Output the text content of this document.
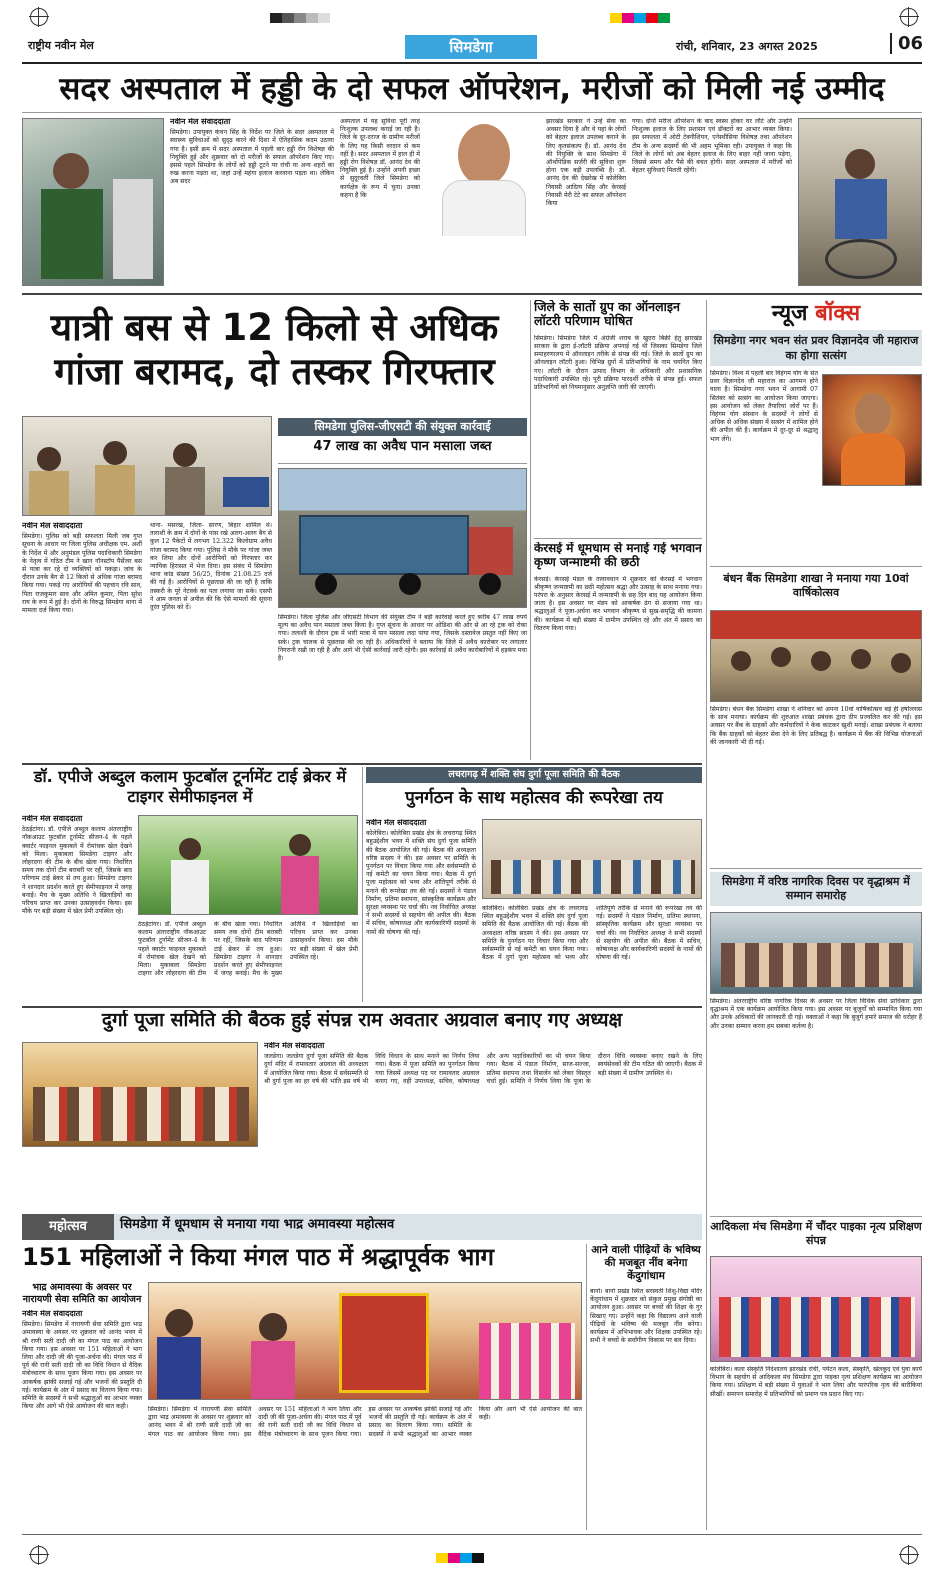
राष्ट्रीय नवीन मेल	सिमडेगा	रांची, शनिवार, 23 अगस्त 2025	06
सदर अस्पताल में हड्डी के दो सफल ऑपरेशन, मरीजों को मिली नई उम्मीद
नवीन मेल संवाददाता
सिमडेगा। उपायुक्त कंचन सिंह के निर्देश पर जिले के सदर अस्पताल में स्वास्थ्य सुविधाओं को सुदृढ़ करने की दिशा में ऐतिहासिक कदम उठाया गया है। इसी क्रम में सदर अस्पताल में पहली बार हड्डी रोग विशेषज्ञ की नियुक्ति हुई और शुक्रवार को दो मरीजों के सफल ऑपरेशन किए गए। इससे पहले सिमडेगा के लोगों को हड्डी टूटने पर रांची या अन्य शहरों का रुख करना पड़ता था, जहां उन्हें महंगा इलाज करवाना पड़ता था। लेकिन अब सदर
अस्पताल में यह सुविधा पूरी तरह निःशुल्क उपलब्ध कराई जा रही है। जिले के दूर-दराज के ग्रामीण मरीजों के लिए यह किसी वरदान से कम नहीं है। सदर अस्पताल में हाल ही में हड्डी रोग विशेषज्ञ डॉ. आनंद देव की नियुक्ति हुई है। उन्होंने अपनी इच्छा से सुदूरवर्ती जिले सिमडेगा को कार्यक्षेत्र के रूप में चुना। उनका कहना है कि
झारखंड सरकार ने उन्हें सेवा का अवसर दिया है और वे यहां के लोगों को बेहतर इलाज उपलब्ध कराने के लिए कृतसंकल्प हैं। डॉ. आनंद देव की नियुक्ति के साथ सिमडेगा में ऑर्थोपेडिक सर्जरी की सुविधा शुरू होना एक बड़ी उपलब्धि है। डॉ. आनंद देव की देखरेख में कोलेबिरा निवासी आदित्य सिंह और केरसई निवासी मेरी टेटे का सफल ऑपरेशन किया
गया। दोनों मरीज ऑपरेशन के बाद स्वस्थ होकर घर लौटे और उन्होंने निःशुल्क इलाज के लिए प्रशासन एवं डॉक्टरों का आभार व्यक्त किया। इस सफलता में ओटी टेक्नीशियन, एनेस्थीसिया विशेषज्ञ तथा ऑपरेशन टीम के अन्य सदस्यों की भी अहम भूमिका रही। उपायुक्त ने कहा कि जिले के लोगों को अब बेहतर इलाज के लिए बाहर नहीं जाना पड़ेगा, जिससे समय और पैसे की बचत होगी। सदर अस्पताल में मरीजों को बेहतर सुविधाएं मिलती रहेंगी।
यात्री बस से 12 किलो से अधिक गांजा बरामद, दो तस्कर गिरफ्तार
नवीन मेल संवाददाता
सिमडेगा। पुलिस को बड़ी सफलता मिली जब गुप्त सूचना के आधार पर जिला पुलिस अधीक्षक एम. अर्शी के निर्देश में और अनुमंडल पुलिस पदाधिकारी सिमडेगा के नेतृत्व में गठित टीम ने खान नॉनस्टॉप पैसेंजर बस से यात्रा कर रहे दो व्यक्तियों को पकड़ा। जांच के दौरान उनके बैग से 12 किलो से अधिक गांजा बरामद किया गया। पकड़े गए आरोपियों की पहचान रवि साव, पिता राजकुमार साव और अमित कुमार, पिता सुरेश राय के रूप में हुई है। दोनों के विरुद्ध सिमडेगा थाना में मामला दर्ज किया गया।
थाना- मसरख, जिला- सारण, बिहार शामिल थे। तलाशी के क्रम में दोनों के पास रखे अलग-अलग बैग से कुल 12 पैकेटों में लगभग 12.322 किलोग्राम अवैध गांजा बरामद किया गया। पुलिस ने मौके पर गांजा जब्त कर लिया और दोनों आरोपियों को गिरफ्तार कर न्यायिक हिरासत में भेज दिया। इस संबंध में सिमडेगा थाना कांड संख्या 56/25, दिनांक 21.08.25 दर्ज की गई है। आरोपियों से पूछताछ की जा रही है ताकि तस्करी के पूरे नेटवर्क का पता लगाया जा सके। एसपी ने आम जनता से अपील की कि ऐसे मामलों की सूचना तुरंत पुलिस को दें।
सिमडेगा पुलिस-जीएसटी की संयुक्त कार्रवाई
47 लाख का अवैध पान मसाला जब्त
सिमडेगा। जिला पुलिस और जीएसटी विभाग की संयुक्त टीम ने बड़ी कार्रवाई करते हुए करीब 47 लाख रुपये मूल्य का अवैध पान मसाला जब्त किया है। गुप्त सूचना के आधार पर ओडिशा की ओर से आ रहे ट्रक को रोका गया। तलाशी के दौरान ट्रक में भारी मात्रा में पान मसाला लदा पाया गया, जिसके दस्तावेज प्रस्तुत नहीं किए जा सके। ट्रक चालक से पूछताछ की जा रही है। अधिकारियों ने बताया कि जिले में अवैध कारोबार पर लगातार निगरानी रखी जा रही है और आगे भी ऐसी कार्रवाई जारी रहेगी। इस कार्रवाई से अवैध कारोबारियों में हड़कंप मचा है।
जिले के सातों ग्रुप का ऑनलाइन लॉटरी परिणाम घोषित
सिमडेगा। सिमडेगा जिले में अंग्रेजी शराब के खुदरा बिक्री हेतु झारखंड सरकार के द्वारा ई-लॉटरी प्रक्रिया अपनाई गई थी जिसका सिमडेगा जिले समाहरणालय में ऑनलाइन तरीके से संपन्न की गई। जिले के सातों ग्रुप का ऑनलाइन लॉटरी हुआ। विभिन्न ग्रुपों में प्रतिभागियों के नाम चयनित किए गए। लॉटरी के दौरान उत्पाद विभाग के अधिकारी और प्रशासनिक पदाधिकारी उपस्थित रहे। पूरी प्रक्रिया पारदर्शी तरीके से संपन्न हुई। सफल प्रतिभागियों को नियमानुसार अनुज्ञप्ति जारी की जाएगी।
केरसई में धूमधाम से मनाई गई भगवान कृष्ण जन्माष्टमी की छठी
केरसई। केरसई मंडल के तत्वावधान में शुक्रवार को केरसई में भगवान श्रीकृष्ण जन्माष्टमी का छठी महोत्सव श्रद्धा और उत्साह के साथ मनाया गया। परंपरा के अनुसार केरसई में जन्माष्टमी के छह दिन बाद यह आयोजन किया जाता है। इस अवसर पर मंडप को आकर्षक ढंग से सजाया गया था। श्रद्धालुओं ने पूजा-अर्चना कर भगवान श्रीकृष्ण से सुख-समृद्धि की कामना की। कार्यक्रम में बड़ी संख्या में ग्रामीण उपस्थित रहे और अंत में प्रसाद का वितरण किया गया।
न्यूज बॉक्स
सिमडेगा नगर भवन संत प्रवर विज्ञानदेव जी महाराज का होगा सत्संग
सिमडेगा। विश्व में पहली बार विहंगम योग के संत प्रवर विज्ञानदेव जी महाराज का आगमन होने वाला है। सिमडेगा नगर भवन में आगामी 07 सितंबर को सत्संग का आयोजन किया जाएगा। इस आयोजन को लेकर तैयारियां जोरों पर हैं। विहंगम योग संस्थान के सदस्यों ने लोगों से अधिक से अधिक संख्या में सत्संग में शामिल होने की अपील की है। कार्यक्रम में दूर-दूर से श्रद्धालु भाग लेंगे।
बंधन बैंक सिमडेगा शाखा ने मनाया गया 10वां वार्षिकोत्सव
सिमडेगा। बंधन बैंक सिमडेगा शाखा ने शनिवार को अपना 10वां वार्षिकोत्सव बड़े ही हर्षोल्लास के साथ मनाया। कार्यक्रम की शुरुआत शाखा प्रबंधक द्वारा दीप प्रज्वलित कर की गई। इस अवसर पर बैंक के ग्राहकों और कर्मचारियों ने केक काटकर खुशी मनाई। शाखा प्रबंधक ने बताया कि बैंक ग्राहकों को बेहतर सेवा देने के लिए प्रतिबद्ध है। कार्यक्रम में बैंक की विभिन्न योजनाओं की जानकारी भी दी गई।
सिमडेगा में वरिष्ठ नागरिक दिवस पर वृद्धाश्रम में सम्मान समारोह
सिमडेगा। अंतरराष्ट्रीय वरिष्ठ नागरिक दिवस के अवसर पर जिला विधिक सेवा प्राधिकार द्वारा वृद्धाश्रम में एक कार्यक्रम आयोजित किया गया। इस अवसर पर बुजुर्गों को सम्मानित किया गया और उनके अधिकारों की जानकारी दी गई। वक्ताओं ने कहा कि बुजुर्ग हमारे समाज की धरोहर हैं और उनका सम्मान करना हम सबका कर्तव्य है।
आदिकला मंच सिमडेगा में चौंदर पाइका नृत्य प्रशिक्षण संपन्न
कोलेबिरा। कला संस्कृति निदेशालय झारखंड रांची, पर्यटन कला, संस्कृति, खेलकूद एवं युवा कार्य विभाग के सहयोग से आदिकला मंच सिमडेगा द्वारा पाइका नृत्य प्रशिक्षण कार्यक्रम का आयोजन किया गया। प्रशिक्षण में बड़ी संख्या में युवाओं ने भाग लिया और पारंपरिक नृत्य की बारीकियां सीखीं। समापन समारोह में प्रतिभागियों को प्रमाण पत्र प्रदान किए गए।
डॉ. एपीजे अब्दुल कलाम फुटबॉल टूर्नामेंट टाई ब्रेकर में टाइगर सेमीफाइनल में
नवीन मेल संवाददाता
ठेठईटांगर। डॉ. एपीजे अब्दुल कलाम अंतरराष्ट्रीय नॉकआउट फुटबॉल टूर्नामेंट सीजन-4 के पहले क्वार्टर फाइनल मुकाबले में रोमांचक खेल देखने को मिला। मुकाबला सिमडेगा टाइगर और लोहरदगा की टीम के बीच खेला गया। निर्धारित समय तक दोनों टीम बराबरी पर रहीं, जिसके बाद परिणाम टाई ब्रेकर से तय हुआ। सिमडेगा टाइगर ने शानदार प्रदर्शन करते हुए सेमीफाइनल में जगह बनाई। मैच के मुख्य अतिथि ने खिलाड़ियों का परिचय प्राप्त कर उनका उत्साहवर्धन किया। इस मौके पर बड़ी संख्या में खेल प्रेमी उपस्थित रहे।
ठेठईटांगर। डॉ. एपीजे अब्दुल कलाम अंतरराष्ट्रीय नॉकआउट फुटबॉल टूर्नामेंट सीजन-4 के पहले क्वार्टर फाइनल मुकाबले में रोमांचक खेल देखने को मिला। मुकाबला सिमडेगा टाइगर और लोहरदगा की टीम के बीच खेला गया। निर्धारित समय तक दोनों टीम बराबरी पर रहीं, जिसके बाद परिणाम टाई ब्रेकर से तय हुआ। सिमडेगा टाइगर ने शानदार प्रदर्शन करते हुए सेमीफाइनल में जगह बनाई। मैच के मुख्य अतिथि ने खिलाड़ियों का परिचय प्राप्त कर उनका उत्साहवर्धन किया। इस मौके पर बड़ी संख्या में खेल प्रेमी उपस्थित रहे।
लचरागढ़ में शक्ति संघ दुर्गा पूजा समिति की बैठक
पुनर्गठन के साथ महोत्सव की रूपरेखा तय
नवीन मेल संवाददाता
कोलेबिरा। कोलेबिरा प्रखंड क्षेत्र के लचरागढ़ स्थित बहुउद्देशीय भवन में शक्ति संघ दुर्गा पूजा समिति की बैठक आयोजित की गई। बैठक की अध्यक्षता वरिष्ठ सदस्य ने की। इस अवसर पर समिति के पुनर्गठन पर विचार किया गया और सर्वसम्मति से नई कमेटी का चयन किया गया। बैठक में दुर्गा पूजा महोत्सव को भव्य और शांतिपूर्ण तरीके से मनाने की रूपरेखा तय की गई। सदस्यों ने पंडाल निर्माण, प्रतिमा स्थापना, सांस्कृतिक कार्यक्रम और सुरक्षा व्यवस्था पर चर्चा की। नव निर्वाचित अध्यक्ष ने सभी सदस्यों से सहयोग की अपील की। बैठक में सचिव, कोषाध्यक्ष और कार्यकारिणी सदस्यों के नामों की घोषणा की गई।
कोलेबिरा। कोलेबिरा प्रखंड क्षेत्र के लचरागढ़ स्थित बहुउद्देशीय भवन में शक्ति संघ दुर्गा पूजा समिति की बैठक आयोजित की गई। बैठक की अध्यक्षता वरिष्ठ सदस्य ने की। इस अवसर पर समिति के पुनर्गठन पर विचार किया गया और सर्वसम्मति से नई कमेटी का चयन किया गया। बैठक में दुर्गा पूजा महोत्सव को भव्य और शांतिपूर्ण तरीके से मनाने की रूपरेखा तय की गई। सदस्यों ने पंडाल निर्माण, प्रतिमा स्थापना, सांस्कृतिक कार्यक्रम और सुरक्षा व्यवस्था पर चर्चा की। नव निर्वाचित अध्यक्ष ने सभी सदस्यों से सहयोग की अपील की। बैठक में सचिव, कोषाध्यक्ष और कार्यकारिणी सदस्यों के नामों की घोषणा की गई।
दुर्गा पूजा समिति की बैठक हुई संपन्न राम अवतार अग्रवाल बनाए गए अध्यक्ष
नवीन मेल संवाददाता
जलडेगा। जलडेगा दुर्गा पूजा समिति की बैठक दुर्गा मंदिर में रामावतार अग्रवाल की अध्यक्षता में आयोजित किया गया। बैठक में सर्वसम्मति से श्री दुर्गा पूजा का हर वर्ष की भांति इस वर्ष भी विधि विधान के साथ मनाने का निर्णय लिया गया। बैठक में पूजा समिति का पुनर्गठन किया गया जिसमें अध्यक्ष पद पर रामावतार अग्रवाल बनाए गए, वहीं उपाध्यक्ष, सचिव, कोषाध्यक्ष और अन्य पदाधिकारियों का भी चयन किया गया। बैठक में पंडाल निर्माण, साज-सज्जा, प्रतिमा स्थापना तथा विसर्जन को लेकर विस्तृत चर्चा हुई। समिति ने निर्णय लिया कि पूजा के दौरान विधि व्यवस्था बनाए रखने के लिए स्वयंसेवकों की टीम गठित की जाएगी। बैठक में बड़ी संख्या में ग्रामीण उपस्थित थे।
महोत्सव	सिमडेगा में धूमधाम से मनाया गया भाद्र अमावस्या महोत्सव
151 महिलाओं ने किया मंगल पाठ में श्रद्धापूर्वक भाग
भाद्र अमावस्या के अवसर पर नारायणी सेवा समिति का आयोजन
नवीन मेल संवाददाता
सिमडेगा। सिमडेगा में नारायणी सेवा समिति द्वारा भाद्र अमावस्या के अवसर पर शुक्रवार को आनंद भवन में श्री राणी सती दादी जी का मंगल पाठ का आयोजन किया गया। इस अवसर पर 151 महिलाओं ने भाग लिया और दादी जी की पूजा-अर्चना की। मंगल पाठ में पूर्व की रानी सती दादी जी का विधि विधान से वैदिक मंत्रोच्चारण के साथ पूजन किया गया। इस अवसर पर आकर्षक झांकी सजाई गई और भजनों की प्रस्तुति दी गई। कार्यक्रम के अंत में प्रसाद का वितरण किया गया। समिति के सदस्यों ने सभी श्रद्धालुओं का आभार व्यक्त किया और आगे भी ऐसे आयोजन की बात कही।	सिमडेगा। सिमडेगा में नारायणी सेवा समिति द्वारा भाद्र अमावस्या के अवसर पर शुक्रवार को आनंद भवन में श्री राणी सती दादी जी का मंगल पाठ का आयोजन किया गया। इस अवसर पर 151 महिलाओं ने भाग लिया और दादी जी की पूजा-अर्चना की। मंगल पाठ में पूर्व की रानी सती दादी जी का विधि विधान से वैदिक मंत्रोच्चारण के साथ पूजन किया गया। इस अवसर पर आकर्षक झांकी सजाई गई और भजनों की प्रस्तुति दी गई। कार्यक्रम के अंत में प्रसाद का वितरण किया गया। समिति के सदस्यों ने सभी श्रद्धालुओं का आभार व्यक्त किया और आगे भी ऐसे आयोजन की बात कही।
आने वाली पीढ़ियों के भविष्य की मजबूत नींव बनेगा केंदुगांधाम
बानो। बानो प्रखंड स्थित सरस्वती शिशु-विद्या मंदिर केंदुगांधाम में शुक्रवार को संकुल प्रमुख संगोष्ठी का आयोजन हुआ। अवसर पर बच्चों की शिक्षा के गुर सिखाए गए। उन्होंने कहा कि विद्यालय आने वाली पीढ़ियों के भविष्य की मजबूत नींव बनेगा। कार्यक्रम में अभिभावक और शिक्षक उपस्थित रहे। सभी ने बच्चों के सर्वांगीण विकास पर बल दिया।
